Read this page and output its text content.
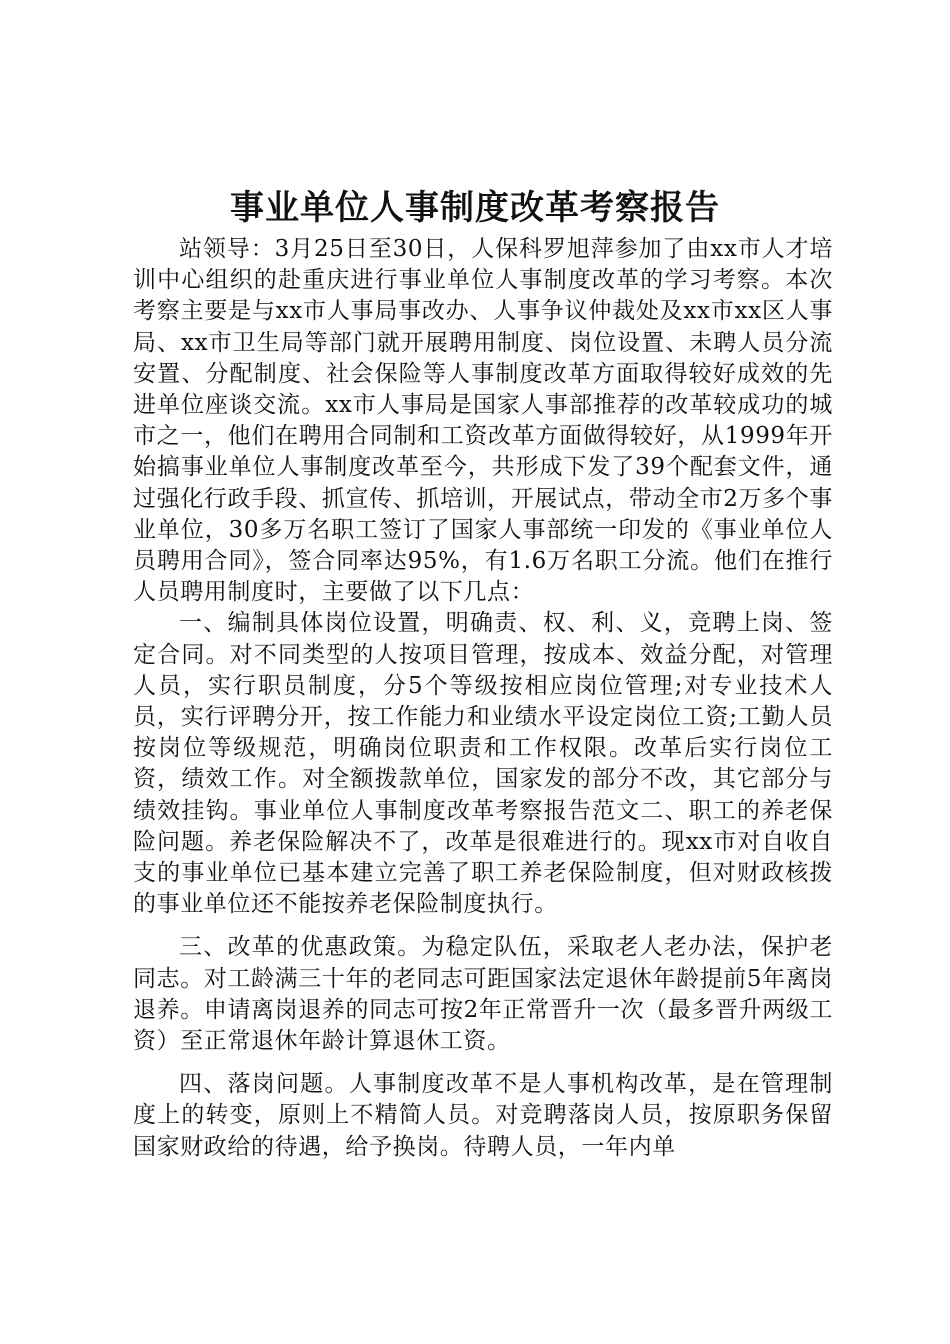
事业单位人事制度改革考察报告

站领导：3月25日至30日，人保科罗旭萍参加了由xx市人才培训中心组织的赴重庆进行事业单位人事制度改革的学习考察。本次考察主要是与xx市人事局事改办、人事争议仲裁处及xx市xx区人事局、xx市卫生局等部门就开展聘用制度、岗位设置、未聘人员分流安置、分配制度、社会保险等人事制度改革方面取得较好成效的先进单位座谈交流。xx市人事局是国家人事部推荐的改革较成功的城市之一，他们在聘用合同制和工资改革方面做得较好，从1999年开始搞事业单位人事制度改革至今，共形成下发了39个配套文件，通过强化行政手段、抓宣传、抓培训，开展试点，带动全市2万多个事业单位，30多万名职工签订了国家人事部统一印发的《事业单位人员聘用合同》，签合同率达95%，有1.6万名职工分流。他们在推行人员聘用制度时，主要做了以下几点：

一、编制具体岗位设置，明确责、权、利、义，竞聘上岗、签定合同。对不同类型的人按项目管理，按成本、效益分配，对管理人员，实行职员制度，分5个等级按相应岗位管理;对专业技术人员，实行评聘分开，按工作能力和业绩水平设定岗位工资;工勤人员按岗位等级规范，明确岗位职责和工作权限。改革后实行岗位工资，绩效工作。对全额拨款单位，国家发的部分不改，其它部分与绩效挂钩。事业单位人事制度改革考察报告范文二、职工的养老保险问题。养老保险解决不了，改革是很难进行的。现xx市对自收自支的事业单位已基本建立完善了职工养老保险制度，但对财政核拨的事业单位还不能按养老保险制度执行。

三、改革的优惠政策。为稳定队伍，采取老人老办法，保护老同志。对工龄满三十年的老同志可距国家法定退休年龄提前5年离岗退养。申请离岗退养的同志可按2年正常晋升一次（最多晋升两级工资）至正常退休年龄计算退休工资。

四、落岗问题。人事制度改革不是人事机构改革，是在管理制度上的转变，原则上不精简人员。对竞聘落岗人员，按原职务保留国家财政给的待遇，给予换岗。待聘人员，一年内单
